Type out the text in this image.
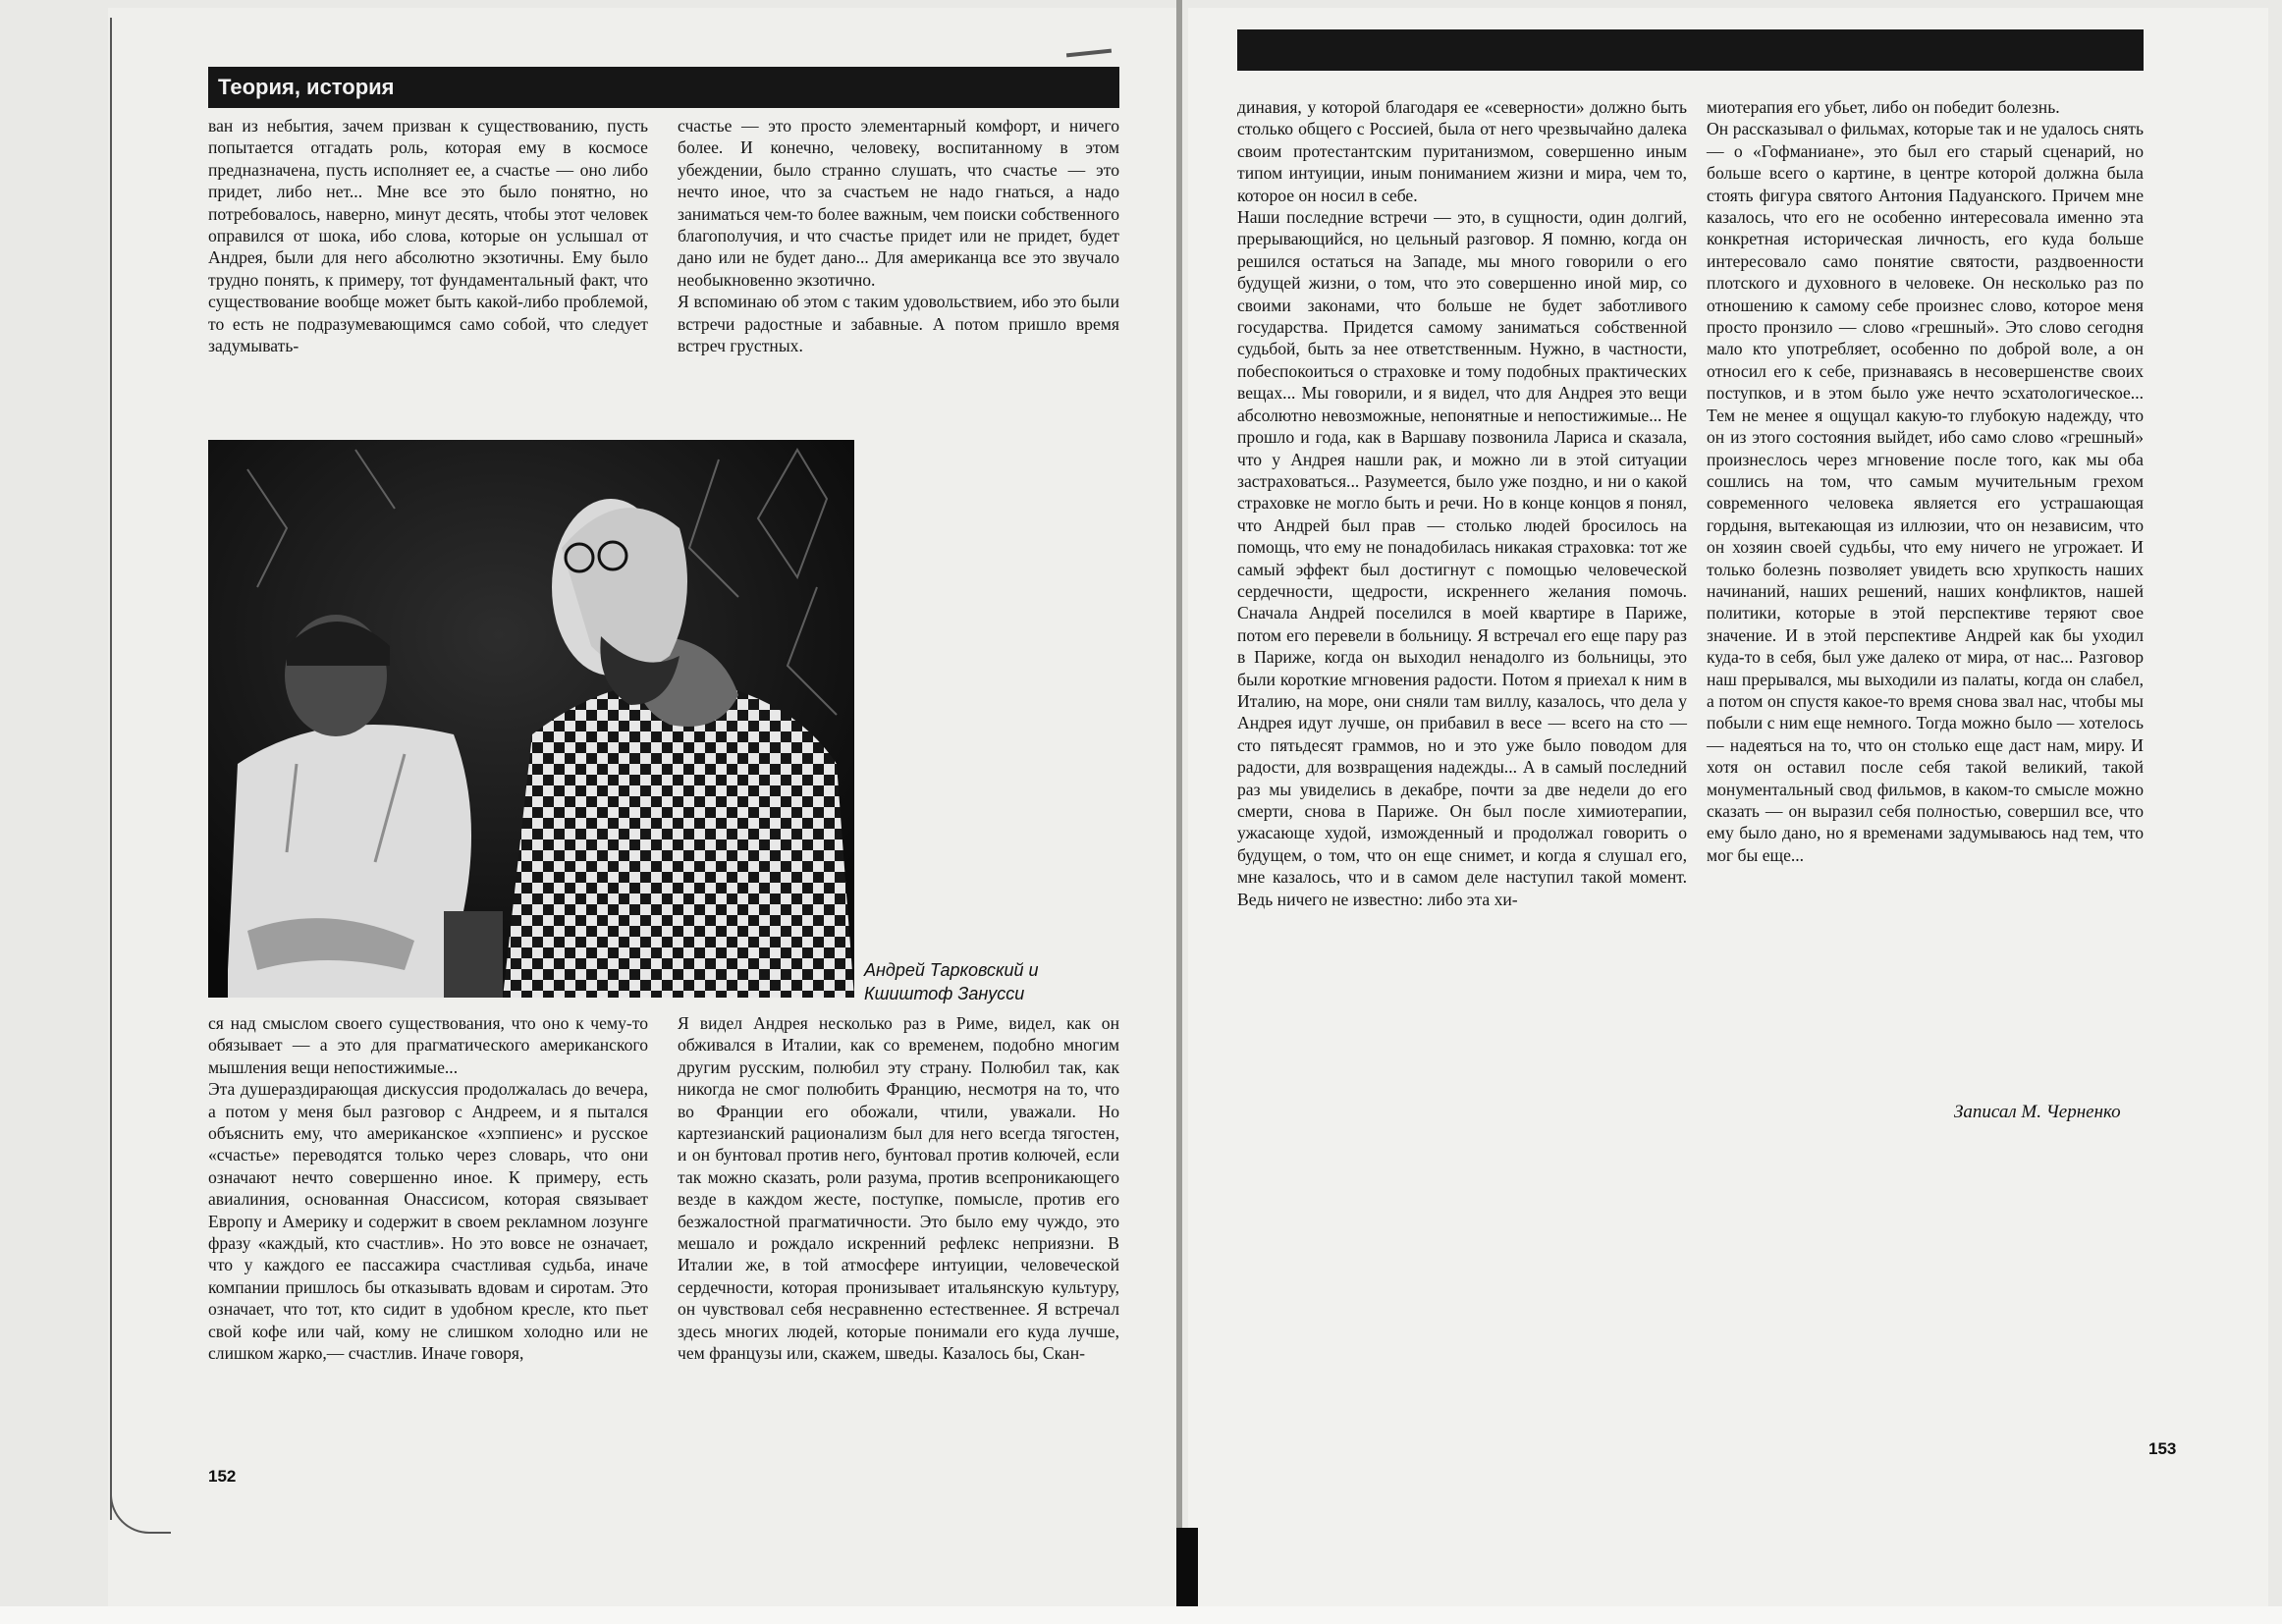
Теория, история
ван из небытия, зачем призван к существованию, пусть попытается отгадать роль, которая ему в космосе предназначена, пусть исполняет ее, а счастье — оно либо придет, либо нет... Мне все это было понятно, но потребовалось, наверно, минут десять, чтобы этот человек оправился от шока, ибо слова, которые он услышал от Андрея, были для него абсолютно экзотичны. Ему было трудно понять, к примеру, тот фундаментальный факт, что существование вообще может быть какой-либо проблемой, то есть не подразумевающимся само собой, что следует задумывать-
счастье — это просто элементарный комфорт, и ничего более. И конечно, человеку, воспитанному в этом убеждении, было странно слушать, что счастье — это нечто иное, что за счастьем не надо гнаться, а надо заниматься чем-то более важным, чем поиски собственного благополучия, и что счастье придет или не придет, будет дано или не будет дано... Для американца все это звучало необыкновенно экзотично.
Я вспоминаю об этом с таким удовольствием, ибо это были встречи радостные и забавные. А потом пришло время встреч грустных.
Андрей Тарковский и Кшиштоф Занусси
ся над смыслом своего существования, что оно к чему-то обязывает — а это для прагматического американского мышления вещи непостижимые...
Эта душераздирающая дискуссия продолжалась до вечера, а потом у меня был разговор с Андреем, и я пытался объяснить ему, что американское «хэппиенс» и русское «счастье» переводятся только через словарь, что они означают нечто совершенно иное. К примеру, есть авиалиния, основанная Онассисом, которая связывает Европу и Америку и содержит в своем рекламном лозунге фразу «каждый, кто счастлив». Но это вовсе не означает, что у каждого ее пассажира счастливая судьба, иначе компании пришлось бы отказывать вдовам и сиротам. Это означает, что тот, кто сидит в удобном кресле, кто пьет свой кофе или чай, кому не слишком холодно или не слишком жарко,— счастлив. Иначе говоря,
Я видел Андрея несколько раз в Риме, видел, как он обживался в Италии, как со временем, подобно многим другим русским, полюбил эту страну. Полюбил так, как никогда не смог полюбить Францию, несмотря на то, что во Франции его обожали, чтили, уважали. Но картезианский рационализм был для него всегда тягостен, и он бунтовал против него, бунтовал против колючей, если так можно сказать, роли разума, против всепроникающего везде в каждом жесте, поступке, помысле, против его безжалостной прагматичности. Это было ему чуждо, это мешало и рождало искренний рефлекс неприязни. В Италии же, в той атмосфере интуиции, человеческой сердечности, которая пронизывает итальянскую культуру, он чувствовал себя несравненно естественнее. Я встречал здесь многих людей, которые понимали его куда лучше, чем французы или, скажем, шведы. Казалось бы, Скан-
динавия, у которой благодаря ее «северности» должно быть столько общего с Россией, была от него чрезвычайно далека своим протестантским пуританизмом, совершенно иным типом интуиции, иным пониманием жизни и мира, чем то, которое он носил в себе.
Наши последние встречи — это, в сущности, один долгий, прерывающийся, но цельный разговор. Я помню, когда он решился остаться на Западе, мы много говорили о его будущей жизни, о том, что это совершенно иной мир, со своими законами, что больше не будет заботливого государства. Придется самому заниматься собственной судьбой, быть за нее ответственным. Нужно, в частности, побеспокоиться о страховке и тому подобных практических вещах... Мы говорили, и я видел, что для Андрея это вещи абсолютно невозможные, непонятные и непостижимые... Не прошло и года, как в Варшаву позвонила Лариса и сказала, что у Андрея нашли рак, и можно ли в этой ситуации застраховаться... Разумеется, было уже поздно, и ни о какой страховке не могло быть и речи. Но в конце концов я понял, что Андрей был прав — столько людей бросилось на помощь, что ему не понадобилась никакая страховка: тот же самый эффект был достигнут с помощью человеческой сердечности, щедрости, искреннего желания помочь. Сначала Андрей поселился в моей квартире в Париже, потом его перевели в больницу. Я встречал его еще пару раз в Париже, когда он выходил ненадолго из больницы, это были короткие мгновения радости. Потом я приехал к ним в Италию, на море, они сняли там виллу, казалось, что дела у Андрея идут лучше, он прибавил в весе — всего на сто — сто пятьдесят граммов, но и это уже было поводом для радости, для возвращения надежды... А в самый последний раз мы увиделись в декабре, почти за две недели до его смерти, снова в Париже. Он был после химиотерапии, ужасающе худой, изможденный и продолжал говорить о будущем, о том, что он еще снимет, и когда я слушал его, мне казалось, что и в самом деле наступил такой момент. Ведь ничего не известно: либо эта хи-
миотерапия его убьет, либо он победит болезнь.
Он рассказывал о фильмах, которые так и не удалось снять — о «Гофманиане», это был его старый сценарий, но больше всего о картине, в центре которой должна была стоять фигура святого Антония Падуанского. Причем мне казалось, что его не особенно интересовала именно эта конкретная историческая личность, его куда больше интересовало само понятие святости, раздвоенности плотского и духовного в человеке. Он несколько раз по отношению к самому себе произнес слово, которое меня просто пронзило — слово «грешный». Это слово сегодня мало кто употребляет, особенно по доброй воле, а он относил его к себе, признаваясь в несовершенстве своих поступков, и в этом было уже нечто эсхатологическое... Тем не менее я ощущал какую-то глубокую надежду, что он из этого состояния выйдет, ибо само слово «грешный» произнеслось через мгновение после того, как мы оба сошлись на том, что самым мучительным грехом современного человека является его устрашающая гордыня, вытекающая из иллюзии, что он независим, что он хозяин своей судьбы, что ему ничего не угрожает. И только болезнь позволяет увидеть всю хрупкость наших начинаний, наших решений, наших конфликтов, нашей политики, которые в этой перспективе теряют свое значение. И в этой перспективе Андрей как бы уходил куда-то в себя, был уже далеко от мира, от нас... Разговор наш прерывался, мы выходили из палаты, когда он слабел, а потом он спустя какое-то время снова звал нас, чтобы мы побыли с ним еще немного. Тогда можно было — хотелось — надеяться на то, что он столько еще даст нам, миру. И хотя он оставил после себя такой великий, такой монументальный свод фильмов, в каком-то смысле можно сказать — он выразил себя полностью, совершил все, что ему было дано, но я временами задумываюсь над тем, что мог бы еще...
Записал М. Черненко
152
153
